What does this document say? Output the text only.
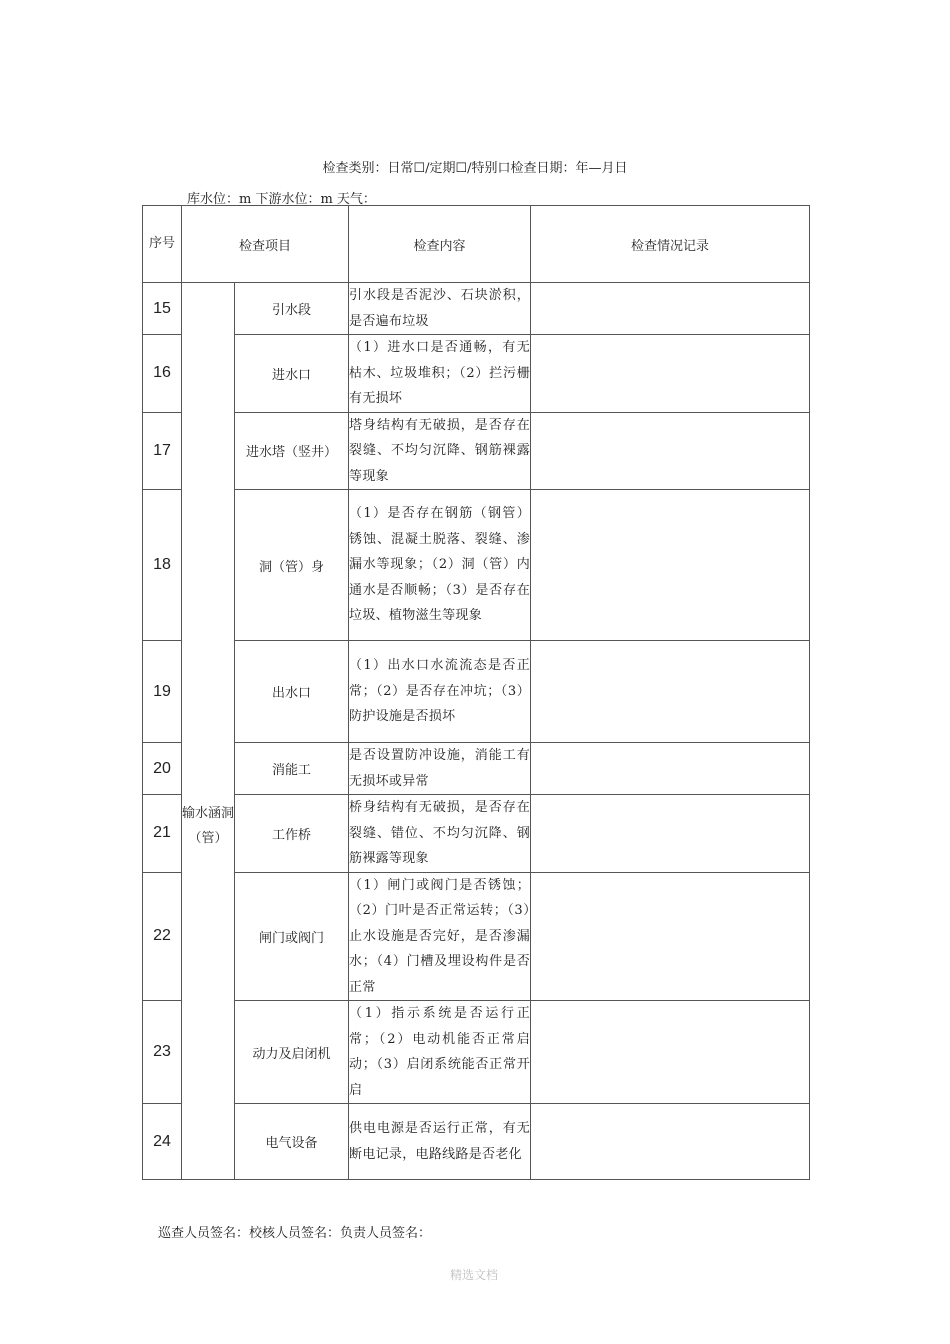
检查类别：日常☐/定期☐/特别口检查日期：年—月日
库水位：m 下游水位：m 天气：
序号	检查项目		检查内容	检查情况记录
15	输水涵洞（管）	引水段	引水段是否泥沙、石块淤积，是否遍布垃圾	
16		进水口	（1）进水口是否通畅，有无枯木、垃圾堆积；（2）拦污栅有无损坏	
17		进水塔（竖井）	塔身结构有无破损，是否存在裂缝、不均匀沉降、钢筋裸露等现象	
18		洞（管）身	（1）是否存在钢筋（钢管）锈蚀、混凝土脱落、裂缝、渗漏水等现象；（2）洞（管）内通水是否顺畅；（3）是否存在垃圾、植物滋生等现象	
19		出水口	（1）出水口水流流态是否正常；（2）是否存在冲坑；（3）防护设施是否损坏	
20		消能工	是否设置防冲设施，消能工有无损坏或异常	
21		工作桥	桥身结构有无破损，是否存在裂缝、错位、不均匀沉降、钢筋裸露等现象	
22		闸门或阀门	（1）闸门或阀门是否锈蚀；（2）门叶是否正常运转；（3）止水设施是否完好，是否渗漏水；（4）门槽及埋设构件是否正常	
23		动力及启闭机	（1）指示系统是否运行正常；（2）电动机能否正常启动；（3）启闭系统能否正常开启	
24		电气设备	供电电源是否运行正常，有无断电记录，电路线路是否老化	
巡查人员签名：校核人员签名：负责人员签名：
精选文档
